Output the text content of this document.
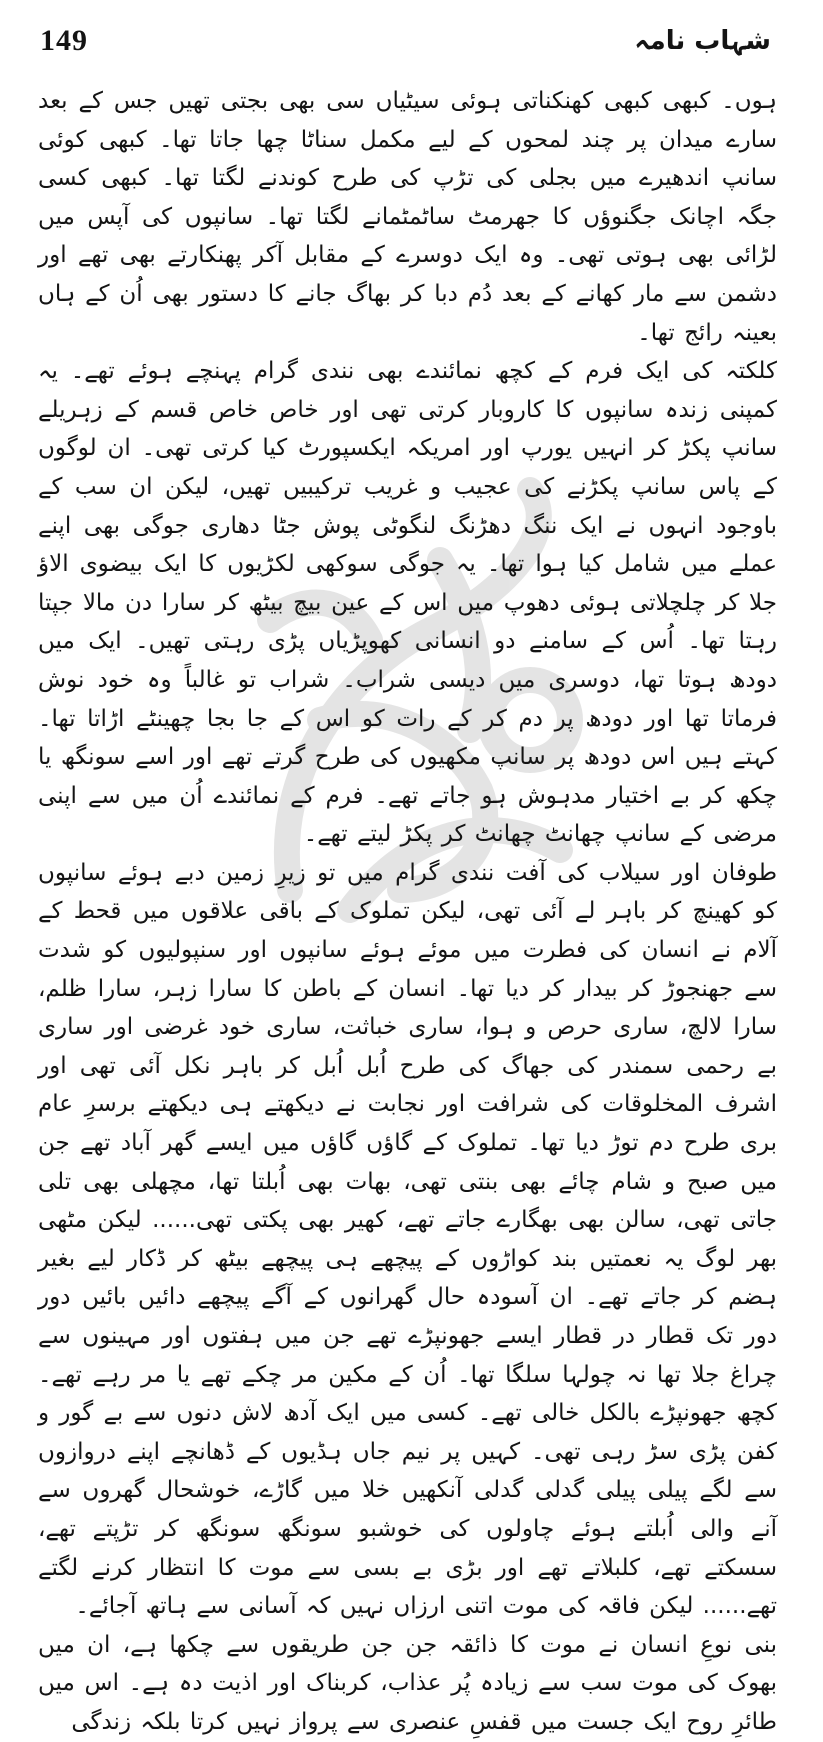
149	شہاب نامہ

ہوں۔ کبھی کبھی کھنکناتی ہوئی سیٹیاں سی بھی بجتی تھیں جس کے بعد سارے میدان پر چند لمحوں کے لیے مکمل سناٹا چھا جاتا تھا۔ کبھی کوئی سانپ اندھیرے میں بجلی کی تڑپ کی طرح کوندنے لگتا تھا۔ کبھی کسی جگہ اچانک جگنوؤں کا جھرمٹ ساٹمٹمانے لگتا تھا۔ سانپوں کی آپس میں لڑائی بھی ہوتی تھی۔ وہ ایک دوسرے کے مقابل آکر پھنکارتے بھی تھے اور دشمن سے مار کھانے کے بعد دُم دبا کر بھاگ جانے کا دستور بھی اُن کے ہاں بعینہ رائج تھا۔

کلکتہ کی ایک فرم کے کچھ نمائندے بھی نندی گرام پہنچے ہوئے تھے۔ یہ کمپنی زندہ سانپوں کا کاروبار کرتی تھی اور خاص خاص قسم کے زہریلے سانپ پکڑ کر انہیں یورپ اور امریکہ ایکسپورٹ کیا کرتی تھی۔ ان لوگوں کے پاس سانپ پکڑنے کی عجیب و غریب ترکیبیں تھیں، لیکن ان سب کے باوجود انہوں نے ایک ننگ دھڑنگ لنگوٹی پوش جٹا دھاری جوگی بھی اپنے عملے میں شامل کیا ہوا تھا۔ یہ جوگی سوکھی لکڑیوں کا ایک بیضوی الاؤ جلا کر چلچلاتی ہوئی دھوپ میں اس کے عین بیچ بیٹھ کر سارا دن مالا جپتا رہتا تھا۔ اُس کے سامنے دو انسانی کھوپڑیاں پڑی رہتی تھیں۔ ایک میں دودھ ہوتا تھا، دوسری میں دیسی شراب۔ شراب تو غالباً وہ خود نوش فرماتا تھا اور دودھ پر دم کر کے رات کو اس کے جا بجا چھینٹے اڑاتا تھا۔ کہتے ہیں اس دودھ پر سانپ مکھیوں کی طرح گرتے تھے اور اسے سونگھ یا چکھ کر بے اختیار مدہوش ہو جاتے تھے۔ فرم کے نمائندے اُن میں سے اپنی مرضی کے سانپ چھانٹ چھانٹ کر پکڑ لیتے تھے۔

طوفان اور سیلاب کی آفت نندی گرام میں تو زیرِ زمین دبے ہوئے سانپوں کو کھینچ کر باہر لے آئی تھی، لیکن تملوک کے باقی علاقوں میں قحط کے آلام نے انسان کی فطرت میں موئے ہوئے سانپوں اور سنپولیوں کو شدت سے جھنجوڑ کر بیدار کر دیا تھا۔ انسان کے باطن کا سارا زہر، سارا ظلم، سارا لالچ، ساری حرص و ہوا، ساری خباثت، ساری خود غرضی اور ساری بے رحمی سمندر کی جھاگ کی طرح اُبل اُبل کر باہر نکل آئی تھی اور اشرف المخلوقات کی شرافت اور نجابت نے دیکھتے ہی دیکھتے برسرِ عام بری طرح دم توڑ دیا تھا۔ تملوک کے گاؤں گاؤں میں ایسے گھر آباد تھے جن میں صبح و شام چائے بھی بنتی تھی، بھات بھی اُبلتا تھا، مچھلی بھی تلی جاتی تھی، سالن بھی بھگارے جاتے تھے، کھیر بھی پکتی تھی...... لیکن مٹھی بھر لوگ یہ نعمتیں بند کواڑوں کے پیچھے ہی پیچھے بیٹھ کر ڈکار لیے بغیر ہضم کر جاتے تھے۔ ان آسودہ حال گھرانوں کے آگے پیچھے دائیں بائیں دور دور تک قطار در قطار ایسے جھونپڑے تھے جن میں ہفتوں اور مہینوں سے چراغ جلا تھا نہ چولہا سلگا تھا۔ اُن کے مکین مر چکے تھے یا مر رہے تھے۔ کچھ جھونپڑے بالکل خالی تھے۔ کسی میں ایک آدھ لاش دنوں سے بے گور و کفن پڑی سڑ رہی تھی۔ کہیں پر نیم جاں ہڈیوں کے ڈھانچے اپنے دروازوں سے لگے پیلی پیلی گدلی گدلی آنکھیں خلا میں گاڑے، خوشحال گھروں سے آنے والی اُبلتے ہوئے چاولوں کی خوشبو سونگھ سونگھ کر تڑپتے تھے، سسکتے تھے، کلبلاتے تھے اور بڑی بے بسی سے موت کا انتظار کرنے لگتے تھے...... لیکن فاقہ کی موت اتنی ارزاں نہیں کہ آسانی سے ہاتھ آجائے۔

بنی نوعِ انسان نے موت کا ذائقہ جن جن طریقوں سے چکھا ہے، ان میں بھوک کی موت سب سے زیادہ پُر عذاب، کربناک اور اذیت دہ ہے۔ اس میں طائرِ روح ایک جست میں قفسِ عنصری سے پرواز نہیں کرتا بلکہ زندگی
